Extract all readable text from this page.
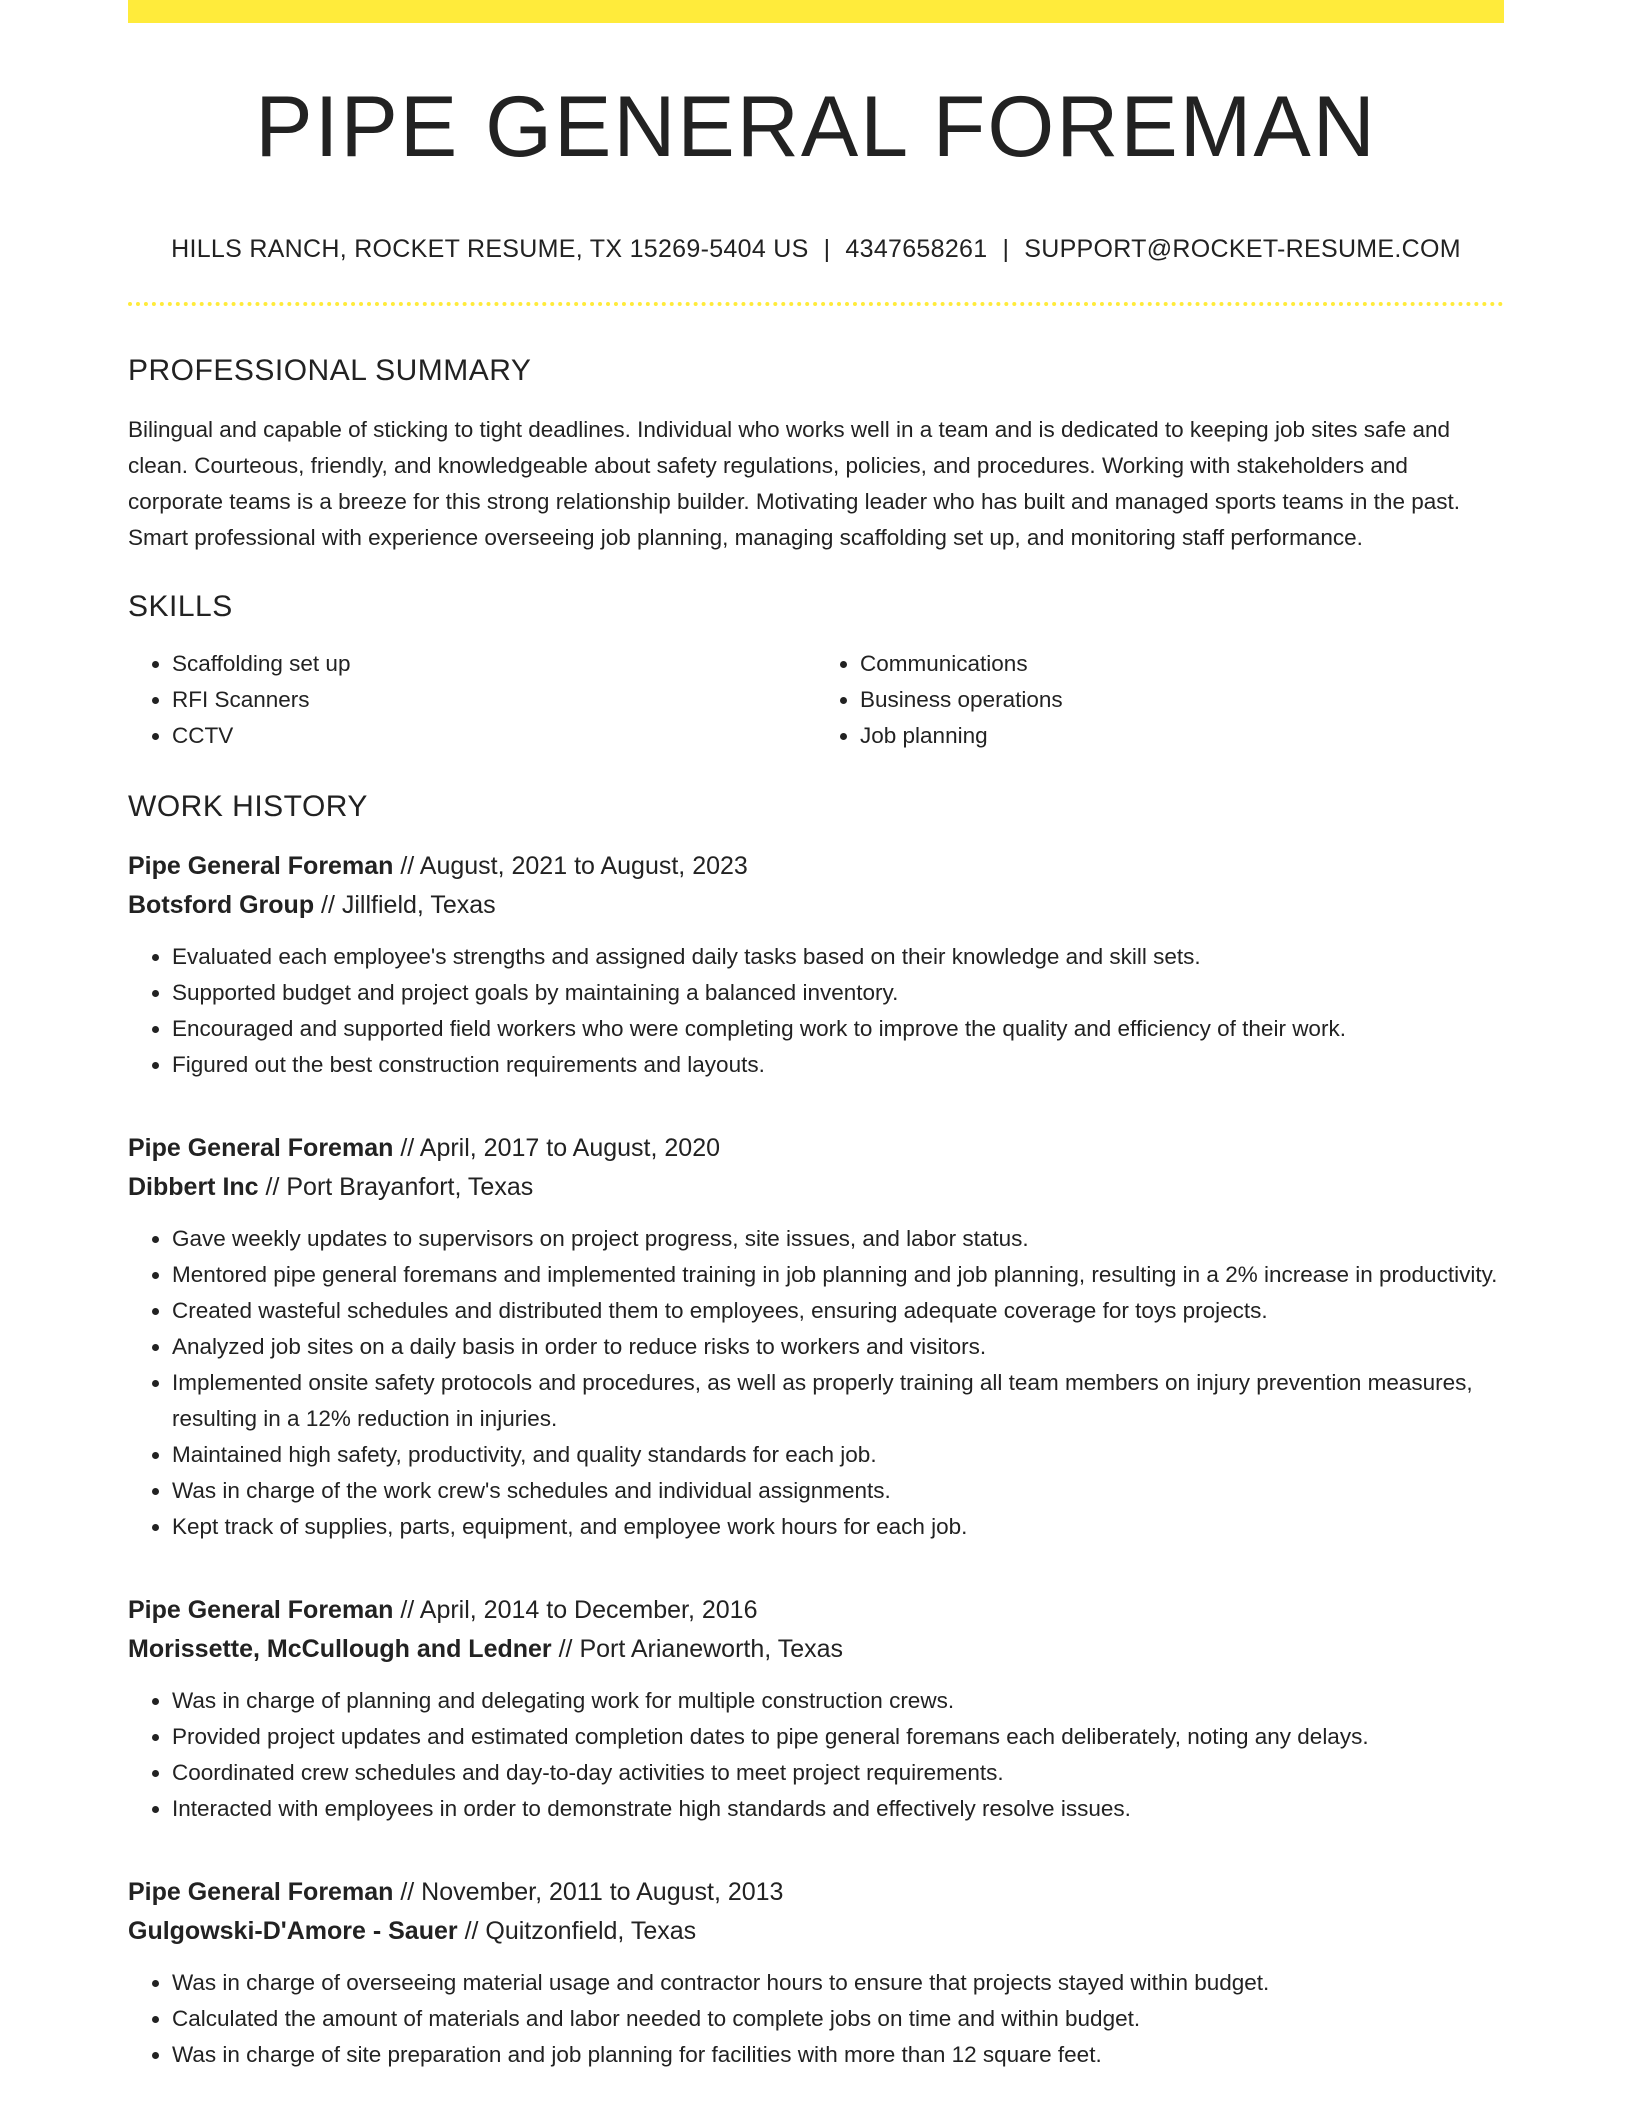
PIPE GENERAL FOREMAN
HILLS RANCH, ROCKET RESUME, TX 15269-5404 US | 4347658261 | SUPPORT@ROCKET-RESUME.COM
PROFESSIONAL SUMMARY

Bilingual and capable of sticking to tight deadlines. Individual who works well in a team and is dedicated to keeping job sites safe and clean. Courteous, friendly, and knowledgeable about safety regulations, policies, and procedures. Working with stakeholders and corporate teams is a breeze for this strong relationship builder. Motivating leader who has built and managed sports teams in the past. Smart professional with experience overseeing job planning, managing scaffolding set up, and monitoring staff performance.

SKILLS
• Scaffolding set up
• RFI Scanners
• CCTV
• Communications
• Business operations
• Job planning
WORK HISTORY
Pipe General Foreman // August, 2021 to August, 2023
Botsford Group // Jillfield, Texas
• Evaluated each employee's strengths and assigned daily tasks based on their knowledge and skill sets.
• Supported budget and project goals by maintaining a balanced inventory.
• Encouraged and supported field workers who were completing work to improve the quality and efficiency of their work.
• Figured out the best construction requirements and layouts.
Pipe General Foreman // April, 2017 to August, 2020
Dibbert Inc // Port Brayanfort, Texas
• Gave weekly updates to supervisors on project progress, site issues, and labor status.
• Mentored pipe general foremans and implemented training in job planning and job planning, resulting in a 2% increase in productivity.
• Created wasteful schedules and distributed them to employees, ensuring adequate coverage for toys projects.
• Analyzed job sites on a daily basis in order to reduce risks to workers and visitors.
• Implemented onsite safety protocols and procedures, as well as properly training all team members on injury prevention measures, resulting in a 12% reduction in injuries.
• Maintained high safety, productivity, and quality standards for each job.
• Was in charge of the work crew's schedules and individual assignments.
• Kept track of supplies, parts, equipment, and employee work hours for each job.
Pipe General Foreman // April, 2014 to December, 2016
Morissette, McCullough and Ledner // Port Arianeworth, Texas
• Was in charge of planning and delegating work for multiple construction crews.
• Provided project updates and estimated completion dates to pipe general foremans each deliberately, noting any delays.
• Coordinated crew schedules and day-to-day activities to meet project requirements.
• Interacted with employees in order to demonstrate high standards and effectively resolve issues.
Pipe General Foreman // November, 2011 to August, 2013
Gulgowski-D'Amore - Sauer // Quitzonfield, Texas
• Was in charge of overseeing material usage and contractor hours to ensure that projects stayed within budget.
• Calculated the amount of materials and labor needed to complete jobs on time and within budget.
• Was in charge of site preparation and job planning for facilities with more than 12 square feet.
